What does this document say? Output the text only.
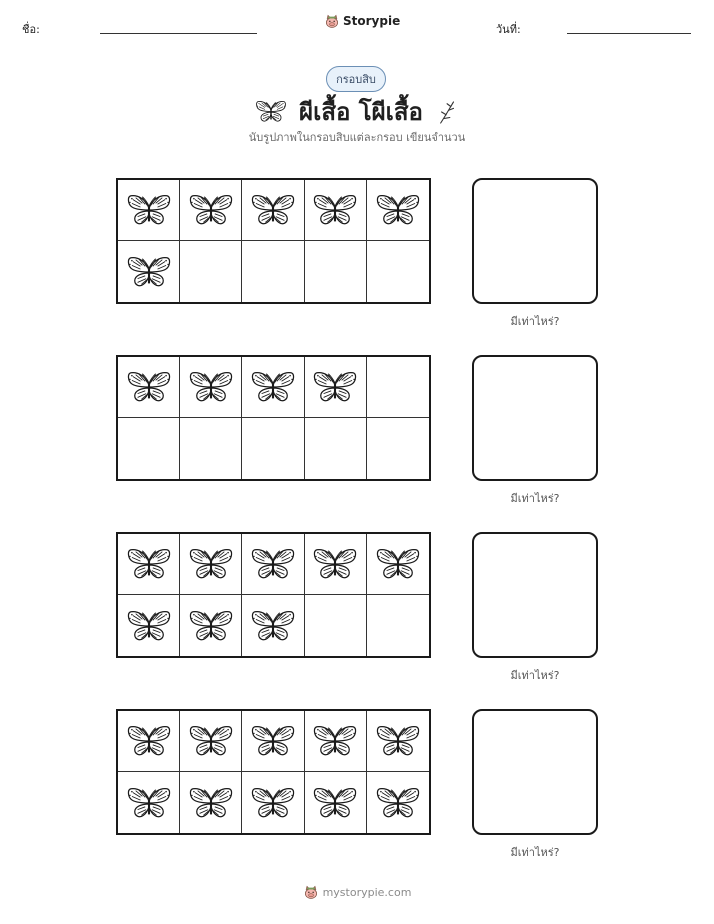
ชื่อ:
Storypie
วันที่:
กรอบสิบ
ผีเสื้อ โผีเสื้อ
นับรูปภาพในกรอบสิบแต่ละกรอบ เขียนจำนวน
มีเท่าไหร่?
มีเท่าไหร่?
มีเท่าไหร่?
มีเท่าไหร่?
mystorypie.com
